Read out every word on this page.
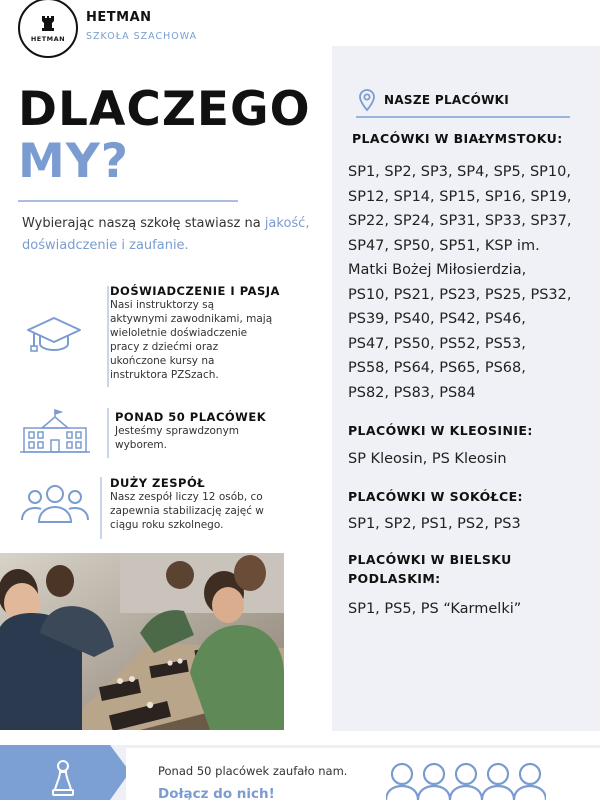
HETMAN
HETMAN
SZKOŁA SZACHOWA
NASZE PLACÓWKI
PLACÓWKI W BIAŁYMSTOKU:
SP1, SP2, SP3, SP4, SP5, SP10,
SP12, SP14, SP15, SP16, SP19,
SP22, SP24, SP31, SP33, SP37,
SP47, SP50, SP51, KSP im.
Matki Bożej Miłosierdzia,
PS10, PS21, PS23, PS25, PS32,
PS39, PS40, PS42, PS46,
PS47, PS50, PS52, PS53,
PS58, PS64, PS65, PS68,
PS82, PS83, PS84
PLACÓWKI W KLEOSINIE:
SP Kleosin, PS Kleosin
PLACÓWKI W SOKÓŁCE:
SP1, SP2, PS1, PS2, PS3
PLACÓWKI W BIELSKU
PODLASKIM:
SP1, PS5, PS “Karmelki”
DLACZEGO
MY?
Wybierając naszą szkołę stawiasz na jakość, doświadczenie i zaufanie.
DOŚWIADCZENIE I PASJA
Nasi instruktorzy są
aktywnymi zawodnikami, mają
wieloletnie doświadczenie
pracy z dziećmi oraz
ukończone kursy na
instruktora PZSzach.
PONAD 50 PLACÓWEK
Jesteśmy sprawdzonym
wyborem.
DUŻY ZESPÓŁ
Nasz zespół liczy 12 osób, co
zapewnia stabilizację zajęć w
ciągu roku szkolnego.
Ponad 50 placówek zaufało nam.
Dołącz do nich!
